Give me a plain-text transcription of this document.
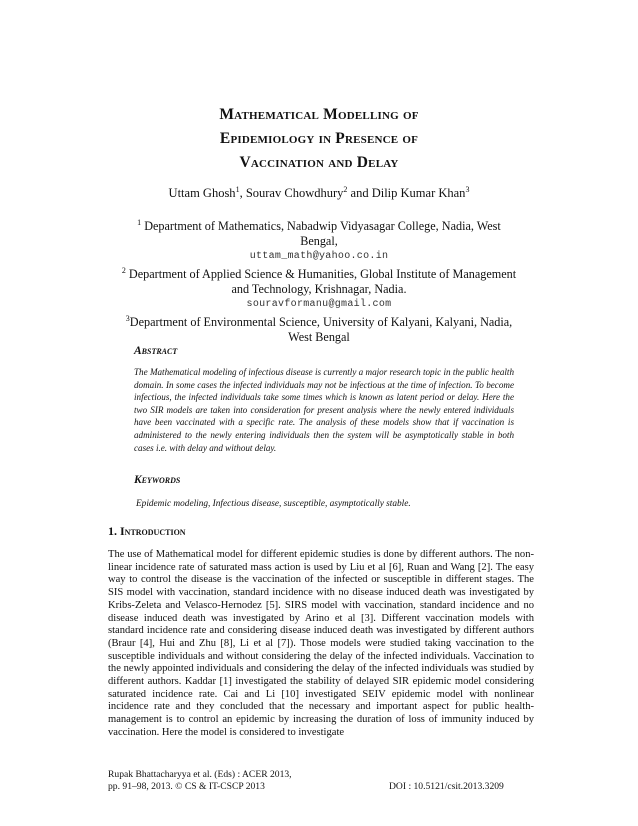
Mathematical Modelling of
Epidemiology in Presence of
Vaccination and Delay
Uttam Ghosh$^1$, Sourav Chowdhury$^2$ and Dilip Kumar Khan$^3$
$^1$ Department of Mathematics, Nabadwip Vidyasagar College, Nadia, West
Bengal,
uttam_math@yahoo.co.in
$^2$ Department of Applied Science & Humanities, Global Institute of Management
and Technology, Krishnagar, Nadia.
souravformanu@gmail.com
$^3$Department of Environmental Science, University of Kalyani, Kalyani, Nadia,
West Bengal
Abstract

The Mathematical modeling of infectious disease is currently a major research topic in the public health domain. In some cases the infected individuals may not be infectious at the time of infection. To become infectious, the infected individuals take some times which is known as latent period or delay. Here the two SIR models are taken into consideration for present analysis where the newly entered individuals have been vaccinated with a specific rate. The analysis of these models show that if vaccination is administered to the newly entering individuals then the system will be asymptotically stable in both cases i.e. with delay and without delay.

Keywords
Epidemic modeling, Infectious disease, susceptible, asymptotically stable.
1. Introduction

The use of Mathematical model for different epidemic studies is done by different authors. The non-linear incidence rate of saturated mass action is used by Liu et al [6], Ruan and Wang [2]. The easy way to control the disease is the vaccination of the infected or susceptible in different stages. The SIS model with vaccination, standard incidence with no disease induced death was investigated by Kribs-Zeleta and Velasco-Hernodez [5]. SIRS model with vaccination, standard incidence and no disease induced death was investigated by Arino et al [3]. Different vaccination models with standard incidence rate and considering disease induced death was investigated by different authors (Braur [4], Hui and Zhu [8], Li et al [7]). Those models were studied taking vaccination to the susceptible individuals and without considering the delay of the infected individuals. Vaccination to the newly appointed individuals and considering the delay of the infected individuals was studied by different authors. Kaddar [1] investigated the stability of delayed SIR epidemic model considering saturated incidence rate. Cai and Li [10] investigated SEIV epidemic model with nonlinear incidence rate and they concluded that the necessary and important aspect for public health-management is to control an epidemic by increasing the duration of loss of immunity induced by vaccination. Here the model is considered to investigate

Rupak Bhattacharyya et al. (Eds) : ACER 2013,
pp. 91–98, 2013. © CS & IT-CSCP 2013	DOI : 10.5121/csit.2013.3209
